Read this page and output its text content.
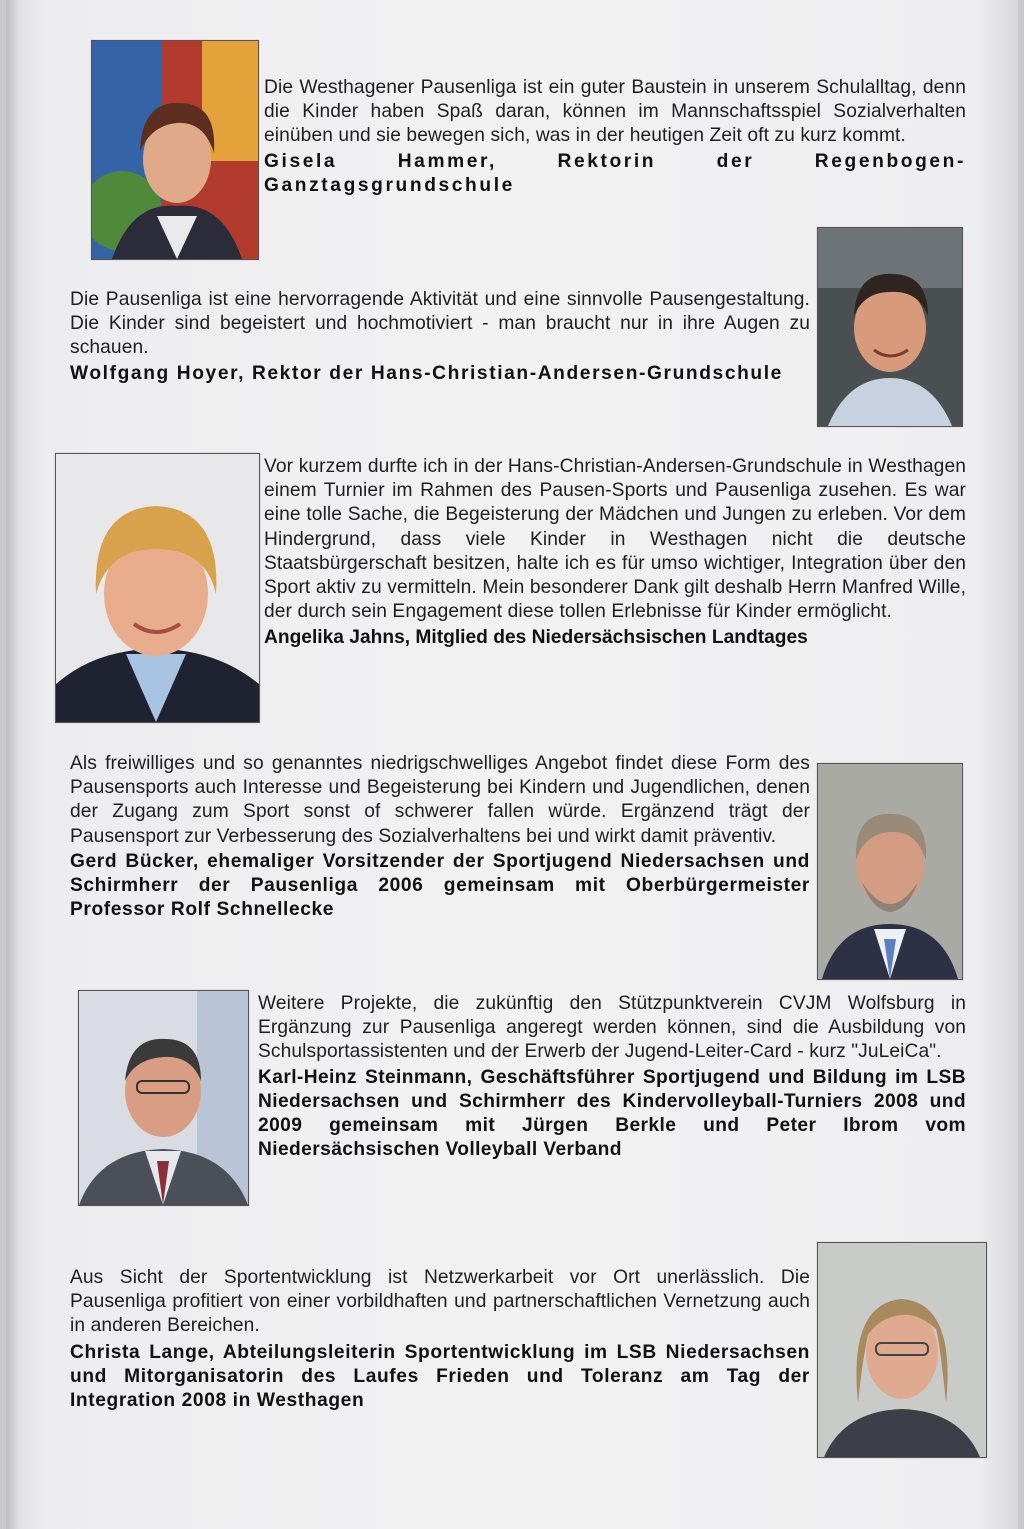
Die Westhagener Pausenliga ist ein guter Baustein in unserem Schulalltag, denn die Kinder haben Spaß daran, können im Mannschaftsspiel Sozialverhalten einüben und sie bewegen sich, was in der heutigen Zeit oft zu kurz kommt.
Gisela Hammer, Rektorin der Regenbogen-Ganztagsgrundschule
Die Pausenliga ist eine hervorragende Aktivität und eine sinnvolle Pausengestaltung. Die Kinder sind begeistert und hochmotiviert - man braucht nur in ihre Augen zu schauen.
Wolfgang Hoyer, Rektor der Hans-Christian-Andersen-Grundschule
Vor kurzem durfte ich in der Hans-Christian-Andersen-Grundschule in Westhagen einem Turnier im Rahmen des Pausen-Sports und Pausenliga zusehen. Es war eine tolle Sache, die Begeisterung der Mädchen und Jungen zu erleben. Vor dem Hindergrund, dass viele Kinder in Westhagen nicht die deutsche Staatsbürgerschaft besitzen, halte ich es für umso wichtiger, Integration über den Sport aktiv zu vermitteln. Mein besonderer Dank gilt deshalb Herrn Manfred Wille, der durch sein Engagement diese tollen Erlebnisse für Kinder ermöglicht.
Angelika Jahns, Mitglied des Niedersächsischen Landtages
Als freiwilliges und so genanntes niedrigschwelliges Angebot findet diese Form des Pausensports auch Interesse und Begeisterung bei Kindern und Jugendlichen, denen der Zugang zum Sport sonst of schwerer fallen würde. Ergänzend trägt der Pausensport zur Verbesserung des Sozialverhaltens bei und wirkt damit präventiv.
Gerd Bücker, ehemaliger Vorsitzender der Sportjugend Niedersachsen und Schirmherr der Pausenliga 2006 gemeinsam mit Oberbürgermeister Professor Rolf Schnellecke
Weitere Projekte, die zukünftig den Stützpunktverein CVJM Wolfsburg in Ergänzung zur Pausenliga angeregt werden können, sind die Ausbildung von Schulsportassistenten und der Erwerb der Jugend-Leiter-Card - kurz "JuLeiCa".
Karl-Heinz Steinmann, Geschäftsführer Sportjugend und Bildung im LSB Niedersachsen und Schirmherr des Kindervolleyball-Turniers 2008 und 2009 gemeinsam mit Jürgen Berkle und Peter Ibrom vom Niedersächsischen Volleyball Verband
Aus Sicht der Sportentwicklung ist Netzwerkarbeit vor Ort unerlässlich. Die Pausenliga profitiert von einer vorbildhaften und partnerschaftlichen Vernetzung auch in anderen Bereichen.
Christa Lange, Abteilungsleiterin Sportentwicklung im LSB Niedersachsen und Mitorganisatorin des Laufes Frieden und Toleranz am Tag der Integration 2008 in Westhagen
